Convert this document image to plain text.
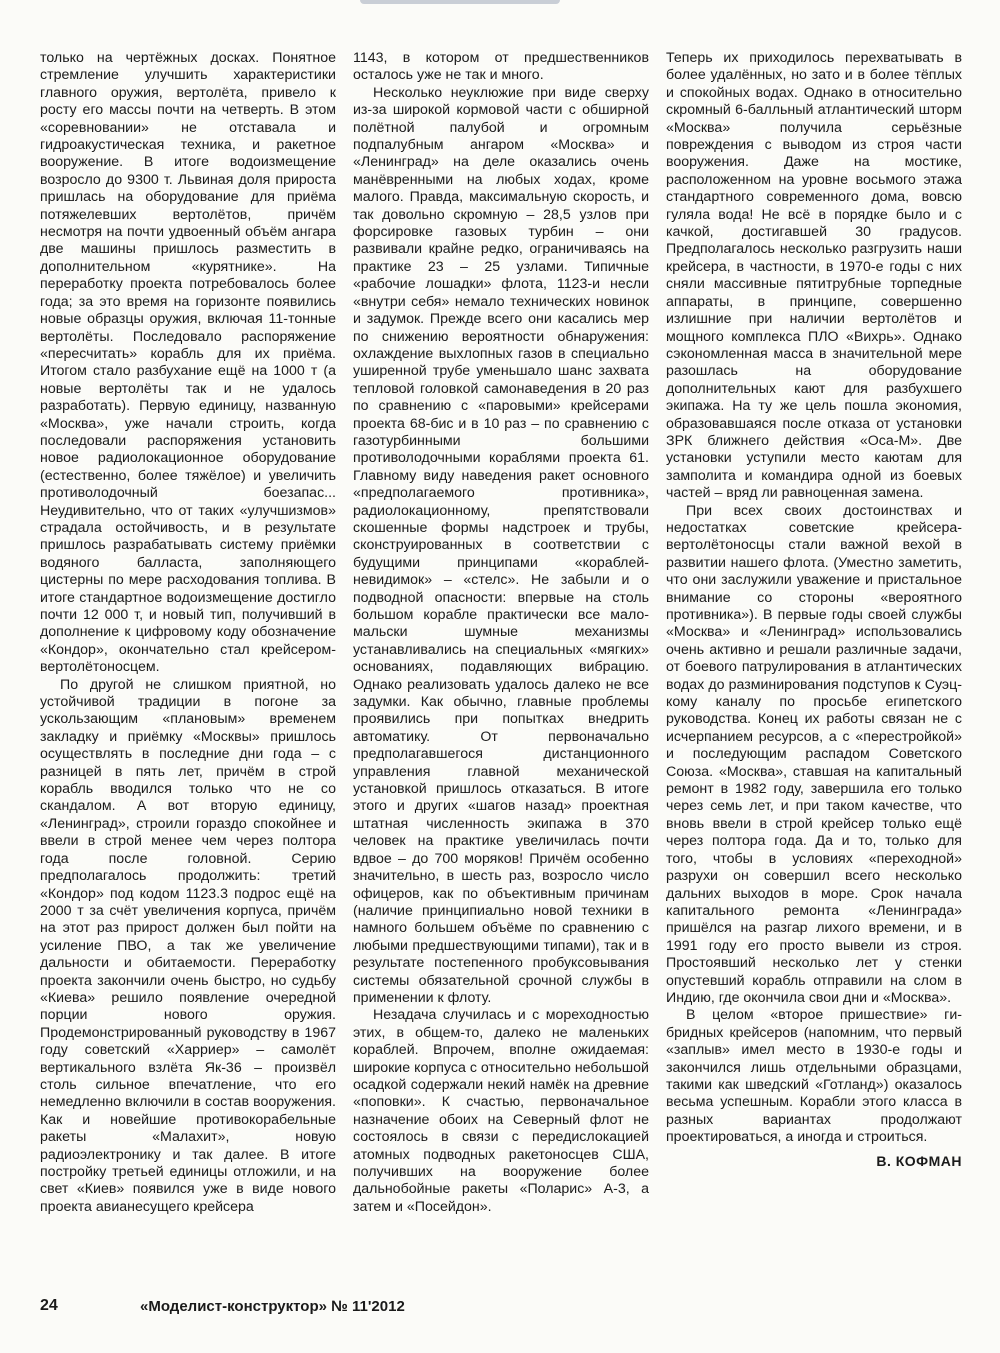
только на чертёжных досках. Понятное стремление улучшить характеристики главного оружия, вертолёта, привело к росту его массы почти на четверть. В этом «соревновании» не отставала и гидроакустическая техника, и ракетное вооружение. В итоге водоизмещение возросло до 9300 т. Львиная доля прироста пришлась на оборудование для приёма потяжелевших вертолётов, причём несмотря на почти удвоенный объём ангара две машины пришлось разместить в дополнительном «курятнике». На переработку проекта потребовалось более года; за это время на горизонте появились новые образцы оружия, включая 11-тонные вертолёты. Последовало распоряжение «пересчитать» корабль для их приёма. Итогом стало разбухание ещё на 1000 т (а новые вертолёты так и не удалось разработать). Первую единицу, названную «Москва», уже начали строить, когда последовали распоряжения установить новое радиолокационное оборудование (естественно, более тяжёлое) и увеличить противолодочный боезапас... Неудивительно, что от таких «улучшизмов» страдала остойчивость, и в результате пришлось разрабатывать систему приёмки водяного балласта, заполняющего цистерны по мере расходования топлива. В итоге стандартное водоизмещение достигло почти 12 000 т, и новый тип, получивший в дополнение к цифровому коду обозначение «Кондор», окончательно стал крейсером-вертолётоносцем.

По другой не слишком приятной, но устойчивой традиции в погоне за ускользающим «плановым» временем закладку и приёмку «Москвы» пришлось осуществлять в последние дни года – с разницей в пять лет, причём в строй корабль вводился только что не со скандалом. А вот вторую единицу, «Ленинград», строили гораздо спокойнее и ввели в строй менее чем через полтора года после головной. Серию предполагалось продолжить: третий «Кондор» под кодом 1123.3 подрос ещё на 2000 т за счёт увеличения корпуса, причём на этот раз прирост должен был пойти на усиление ПВО, а так же увеличение дальности и обитаемости. Переработку проекта закончили очень быстро, но судьбу «Киева» решило появление очередной порции нового оружия. Продемонстрированный руководству в 1967 году советский «Харриер» – самолёт вертикального взлёта Як-36 – произвёл столь сильное впечатление, что его немедленно включили в состав вооружения. Как и новейшие противокорабельные ракеты «Малахит», новую радиоэлектронику и так далее. В итоге постройку третьей единицы отложили, и на свет «Киев» появился уже в виде нового проекта авианесущего крейсера

1143, в котором от предшественников осталось уже не так и много.

Несколько неуклюжие при виде сверху из-за широкой кормовой части с обширной полётной палубой и огромным подпалубным ангаром «Москва» и «Ленинград» на деле оказались очень манёвренными на любых ходах, кроме малого. Правда, максимальную скорость, и так довольно скромную – 28,5 узлов при форсировке газовых турбин – они развивали крайне редко, ограничиваясь на практике 23 – 25 узлами. Типичные «рабочие лошадки» флота, 1123-и несли «внутри себя» немало технических новинок и задумок. Прежде всего они касались мер по снижению вероятности обнаружения: охлаждение выхлопных газов в специально уширенной трубе уменьшало шанс захвата тепловой головкой самонаведения в 20 раз по сравнению с «паровыми» крейсерами проекта 68-бис и в 10 раз – по сравнению с газотурбинными большими противолодочными кораблями проекта 61. Главному виду наведения ракет основного «предполагаемого противника», радиолокационному, препятствовали скошенные формы надстроек и трубы, сконструированных в соответствии с будущими принципами «кораблей-невидимок» – «стелс». Не забыли и о подводной опасности: впервые на столь большом корабле практически все мало-мальски шумные механизмы устанавливались на специальных «мягких» основаниях, подавляющих вибрацию. Однако реализовать удалось далеко не все задумки. Как обычно, главные проблемы проявились при попытках внедрить автоматику. От первоначально предполагавшегося дистанционного управления главной механической установкой пришлось отказаться. В итоге этого и других «шагов назад» проектная штатная численность экипажа в 370 человек на практике увеличилась почти вдвое – до 700 моряков! Причём особенно значительно, в шесть раз, возросло число офицеров, как по объективным причинам (наличие принципиально новой техники в намного большем объёме по сравнению с любыми предшествующими типами), так и в результате постепенного пробуксовывания системы обязательной срочной службы в применении к флоту.

Незадача случилась и с мореходностью этих, в общем-то, далеко не маленьких кораблей. Впрочем, вполне ожидаемая: широкие корпуса с относительно небольшой осадкой содержали некий намёк на древние «поповки». К счастью, первоначальное назначение обоих на Северный флот не состоялось в связи с передислокацией атомных подводных ракетоносцев США, получивших на вооружение более дальнобойные ракеты «Поларис» А-3, а затем и «Посейдон».

Теперь их приходилось перехватывать в более удалённых, но зато и в более тёплых и спокойных водах. Однако в относительно скромный 6-балльный атлантический шторм «Москва» получила серьёзные повреждения с выводом из строя части вооружения. Даже на мостике, расположенном на уровне восьмого этажа стандартного современного дома, вовсю гуляла вода! Не всё в порядке было и с качкой, достигавшей 30 градусов. Предполагалось несколько разгрузить наши крейсера, в частности, в 1970-е годы с них сняли массивные пятитрубные торпедные аппараты, в принципе, совершенно излишние при наличии вертолётов и мощного комплекса ПЛО «Вихрь». Однако сэкономленная масса в значительной мере разошлась на оборудование дополнительных кают для разбухшего экипажа. На ту же цель пошла экономия, образовавшаяся после отказа от установки ЗРК ближнего действия «Оса-М». Две установки уступили место каютам для замполита и командира одной из боевых частей – вряд ли равноценная замена.

При всех своих достоинствах и недостатках советские крейсера-вертолётоносцы стали важной вехой в развитии нашего флота. (Уместно заметить, что они заслужили уважение и пристальное внимание со стороны «вероятного противника»). В первые годы своей службы «Москва» и «Ленинград» использовались очень активно и решали различные задачи, от боевого патрулирования в атлантических водах до разминирования подступов к Суэцкому каналу по просьбе египетского руководства. Конец их работы связан не с исчерпанием ресурсов, а с «перестройкой» и последующим распадом Советского Союза. «Москва», ставшая на капитальный ремонт в 1982 году, завершила его только через семь лет, и при таком качестве, что вновь ввели в строй крейсер только ещё через полтора года. Да и то, только для того, чтобы в условиях «переходной» разрухи он совершил всего несколько дальних выходов в море. Срок начала капитального ремонта «Ленинграда» пришёлся на разгар лихого времени, и в 1991 году его просто вывели из строя. Простоявший несколько лет у стенки опустевший корабль отправили на слом в Индию, где окончила свои дни и «Москва».

В целом «второе пришествие» гибридных крейсеров (напомним, что первый «заплыв» имел место в 1930-е годы и закончился лишь отдельными образцами, такими как шведский «Готланд») оказалось весьма успешным. Корабли этого класса в разных вариантах продолжают проектироваться, а иногда и строиться.

В. КОФМАН
24	«Моделист-конструктор» № 11'2012
